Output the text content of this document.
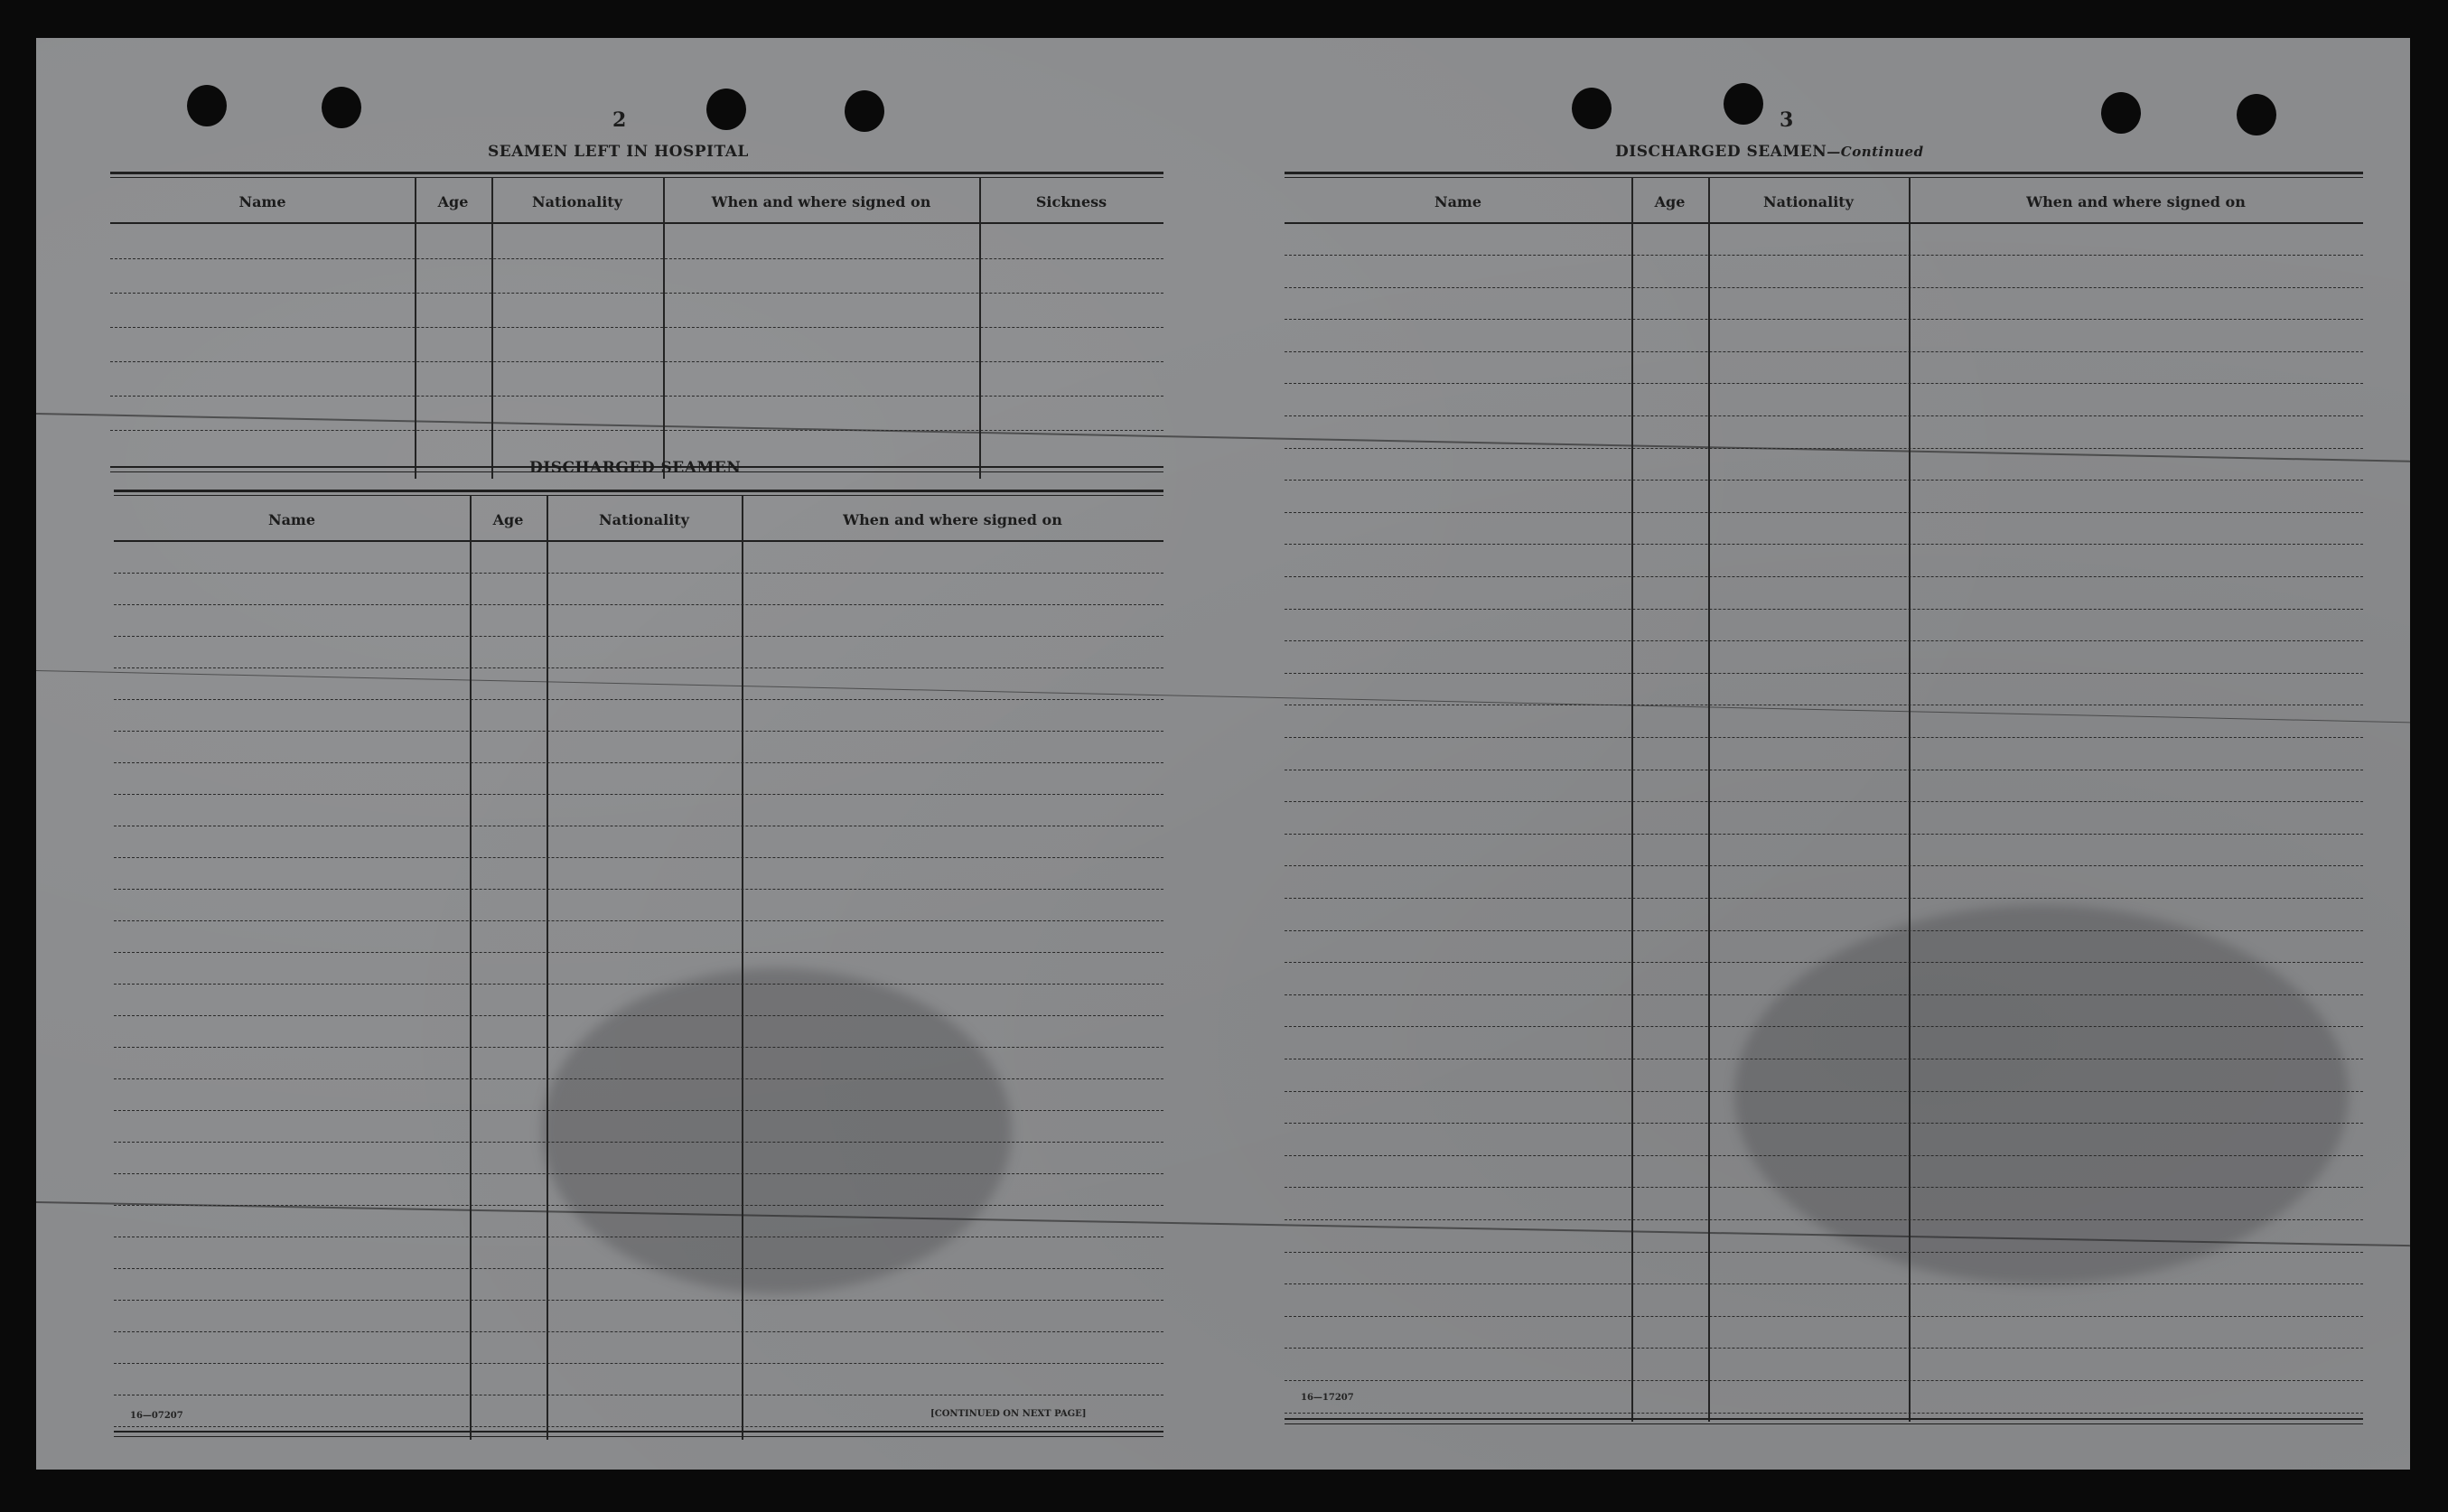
2
SEAMEN LEFT IN HOSPITAL
Name	Age	Nationality	When and where signed on	Sickness
DISCHARGED SEAMEN
Name	Age	Nationality	When and where signed on
16—07207	[CONTINUED ON NEXT PAGE]
3
DISCHARGED SEAMEN—Continued
Name	Age	Nationality	When and where signed on
16—17207
